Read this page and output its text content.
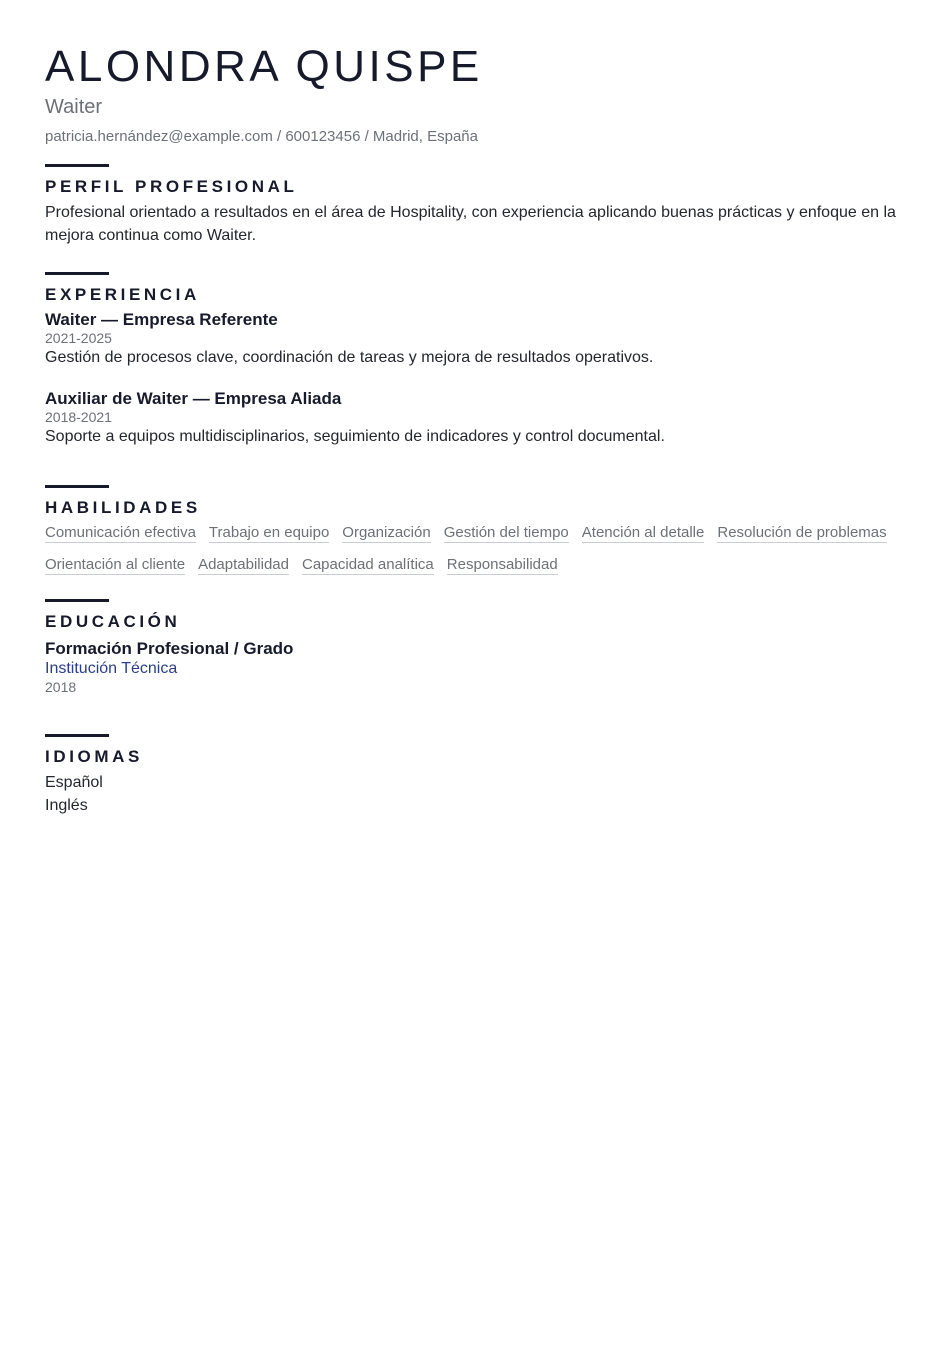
ALONDRA QUISPE
Waiter
patricia.hernández@example.com / 600123456 / Madrid, España
PERFIL PROFESIONAL
Profesional orientado a resultados en el área de Hospitality, con experiencia aplicando buenas prácticas y enfoque en la mejora continua como Waiter.
EXPERIENCIA
Waiter — Empresa Referente
2021-2025
Gestión de procesos clave, coordinación de tareas y mejora de resultados operativos.
Auxiliar de Waiter — Empresa Aliada
2018-2021
Soporte a equipos multidisciplinarios, seguimiento de indicadores y control documental.
HABILIDADES
Comunicación efectiva Trabajo en equipo Organización Gestión del tiempo Atención al detalle Resolución de problemas
Orientación al cliente Adaptabilidad Capacidad analítica Responsabilidad
EDUCACIÓN
Formación Profesional / Grado
Institución Técnica
2018
IDIOMAS
Español
Inglés
